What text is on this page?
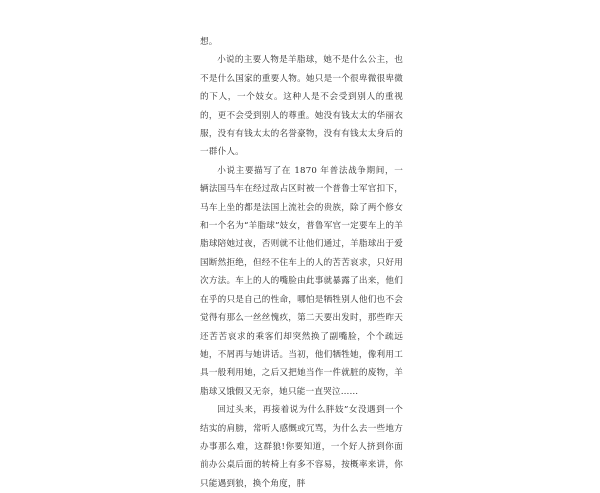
想。

小说的主要人物是羊脂球，她不是什么公主，也不是什么国家的重要人物。她只是一个很卑微很卑微的下人，一个妓女。这种人是不会受到别人的重视的，更不会受到别人的尊重。她没有钱太太的华丽衣服，没有有钱太太的名誉豪物，没有有钱太太身后的一群仆人。

小说主要描写了在 1870 年普法战争期间，一辆法国马车在经过敌占区时被一个普鲁士军官扣下，马车上坐的都是法国上流社会的贵族，除了两个修女和一个名为“羊脂球”妓女，普鲁军官一定要车上的羊脂球陪她过夜，否则就不让他们通过，羊脂球出于爱国断然拒绝，但经不住车上的人的苦苦哀求，只好用次方法。车上的人的嘴脸由此事就暴露了出来，他们在乎的只是自己的性命，哪怕是牺牲别人他们也不会觉得有那么一丝丝愧疚，第二天要出发时，那些昨天还苦苦哀求的乘客们却突然换了副嘴脸，个个疏远她，不屑再与她讲话。当初，他们牺牲她，像利用工具一般利用她，之后又把她当作一件就脏的废物，羊脂球又饿假又无奈，她只能一直哭泣……

回过头来，再接着说为什么胖妓”女没遇到一个结实的肩膀，常听人感慨或冗骂，为什么去一些地方办事那么难，这群狼!你要知道，一个好人挤到你面前办公桌后面的转椅上有多不容易，按概率来讲，你只能遇到狼，换个角度，胖
